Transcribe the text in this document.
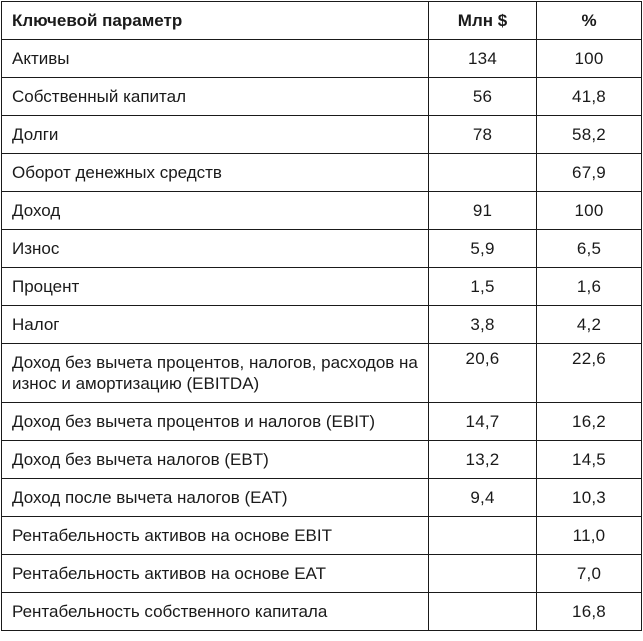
Ключевой параметр	Млн $	%
Активы	134	100
Собственный капитал	56	41,8
Долги	78	58,2
Оборот денежных средств		67,9
Доход	91	100
Износ	5,9	6,5
Процент	1,5	1,6
Налог	3,8	4,2
Доход без вычета процентов, налогов, расходов на износ и амортизацию (EBITDA)	20,6	22,6
Доход без вычета процентов и налогов (EBIT)	14,7	16,2
Доход без вычета налогов (EBT)	13,2	14,5
Доход после вычета налогов (EAT)	9,4	10,3
Рентабельность активов на основе EBIT		11,0
Рентабельность активов на основе EAT		7,0
Рентабельность собственного капитала		16,8
